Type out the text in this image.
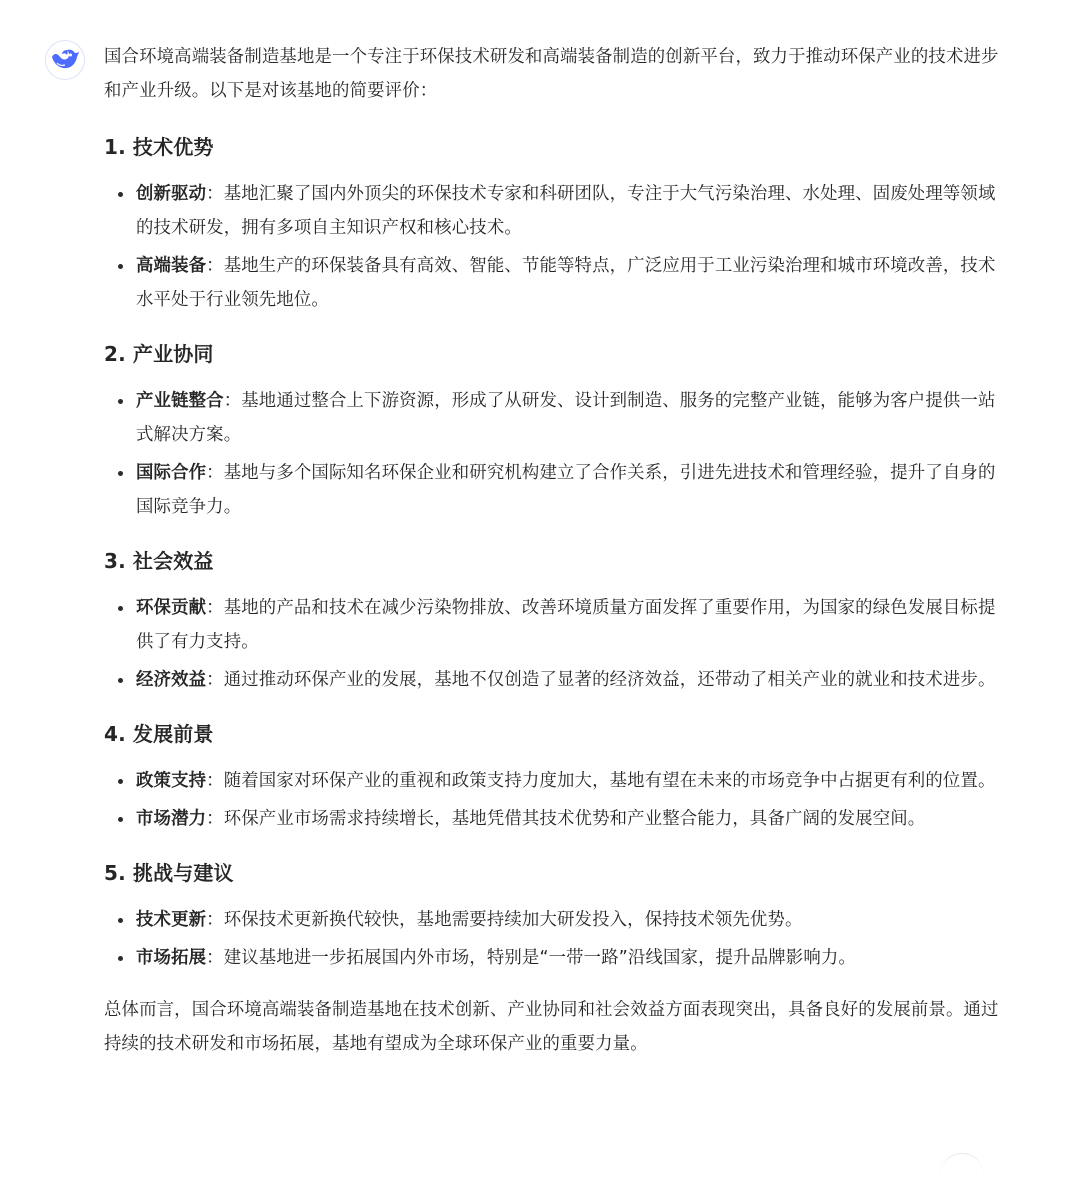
国合环境高端装备制造基地是一个专注于环保技术研发和高端装备制造的创新平台，致力于推动环保产业的技术进步和产业升级。以下是对该基地的简要评价：

1. 技术优势
创新驱动：基地汇聚了国内外顶尖的环保技术专家和科研团队，专注于大气污染治理、水处理、固废处理等领域的技术研发，拥有多项自主知识产权和核心技术。
高端装备：基地生产的环保装备具有高效、智能、节能等特点，广泛应用于工业污染治理和城市环境改善，技术水平处于行业领先地位。
2. 产业协同
产业链整合：基地通过整合上下游资源，形成了从研发、设计到制造、服务的完整产业链，能够为客户提供一站式解决方案。
国际合作：基地与多个国际知名环保企业和研究机构建立了合作关系，引进先进技术和管理经验，提升了自身的国际竞争力。
3. 社会效益
环保贡献：基地的产品和技术在减少污染物排放、改善环境质量方面发挥了重要作用，为国家的绿色发展目标提供了有力支持。
经济效益：通过推动环保产业的发展，基地不仅创造了显著的经济效益，还带动了相关产业的就业和技术进步。
4. 发展前景
政策支持：随着国家对环保产业的重视和政策支持力度加大，基地有望在未来的市场竞争中占据更有利的位置。
市场潜力：环保产业市场需求持续增长，基地凭借其技术优势和产业整合能力，具备广阔的发展空间。
5. 挑战与建议
技术更新：环保技术更新换代较快，基地需要持续加大研发投入，保持技术领先优势。
市场拓展：建议基地进一步拓展国内外市场，特别是“一带一路”沿线国家，提升品牌影响力。

总体而言，国合环境高端装备制造基地在技术创新、产业协同和社会效益方面表现突出，具备良好的发展前景。通过持续的技术研发和市场拓展，基地有望成为全球环保产业的重要力量。
